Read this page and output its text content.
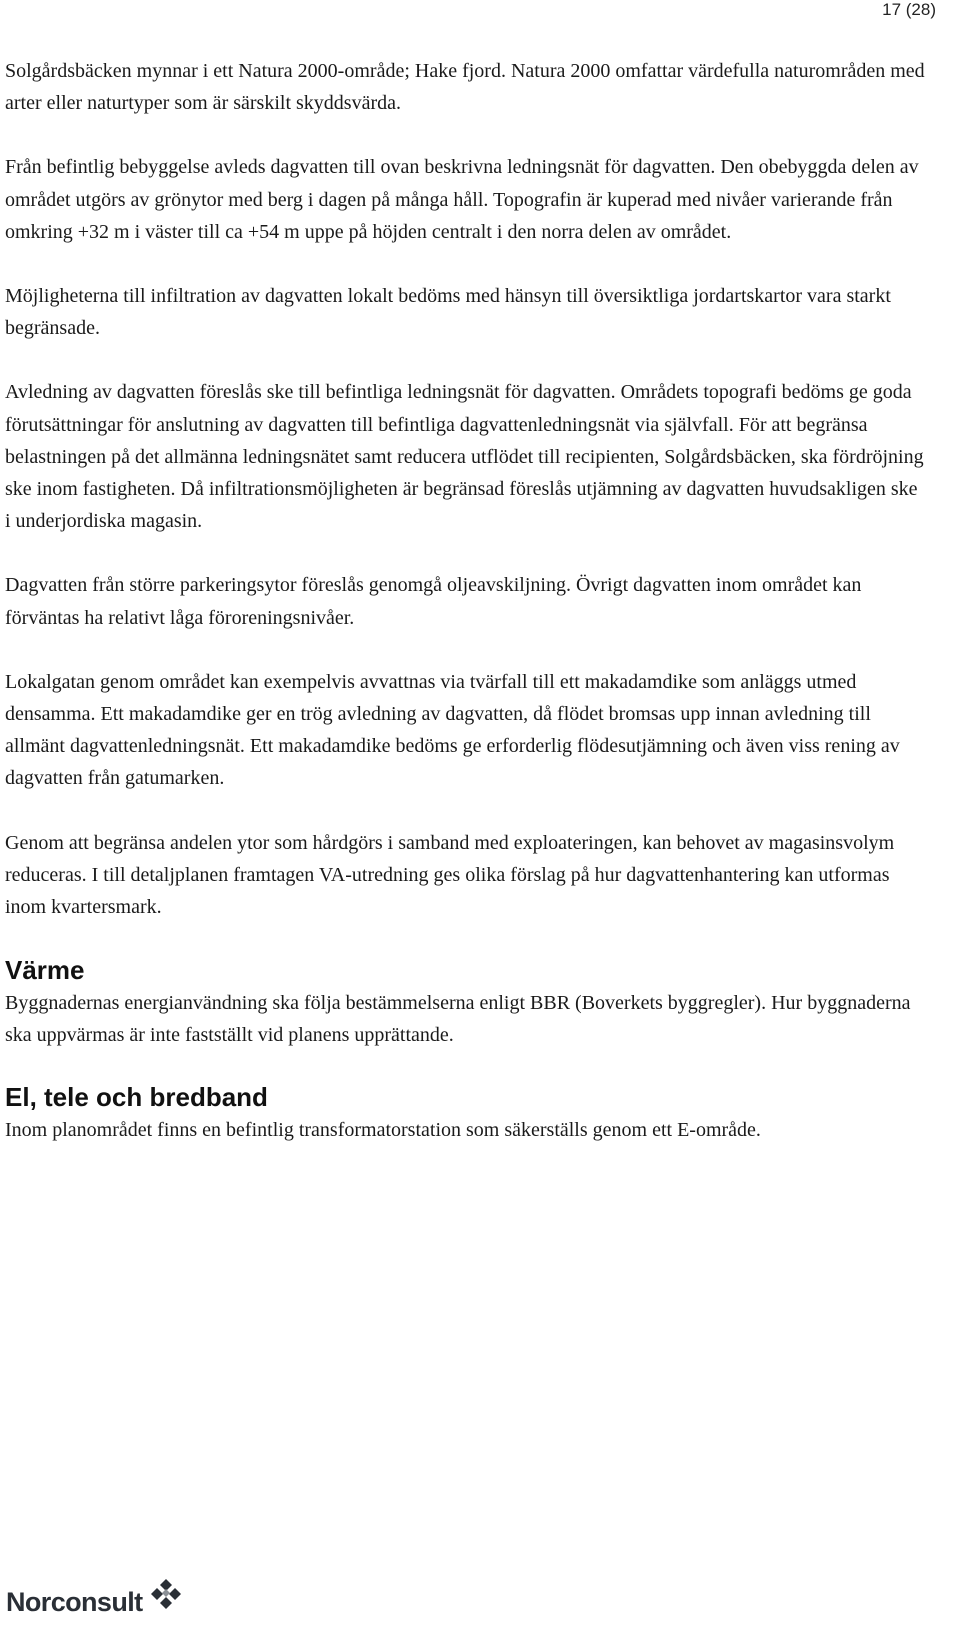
17 (28)

Solgårdsbäcken mynnar i ett Natura 2000-område; Hake fjord. Natura 2000 omfattar värdefulla naturområden med arter eller naturtyper som är särskilt skyddsvärda.

Från befintlig bebyggelse avleds dagvatten till ovan beskrivna ledningsnät för dagvatten. Den obebyggda delen av området utgörs av grönytor med berg i dagen på många håll. Topografin är kuperad med nivåer varierande från omkring +32 m i väster till ca +54 m uppe på höjden centralt i den norra delen av området.

Möjligheterna till infiltration av dagvatten lokalt bedöms med hänsyn till översiktliga jordartskartor vara starkt begränsade.

Avledning av dagvatten föreslås ske till befintliga ledningsnät för dagvatten. Områdets topografi bedöms ge goda förutsättningar för anslutning av dagvatten till befintliga dagvattenledningsnät via självfall. För att begränsa belastningen på det allmänna ledningsnätet samt reducera utflödet till recipienten, Solgårdsbäcken, ska fördröjning ske inom fastigheten. Då infiltrationsmöjligheten är begränsad föreslås utjämning av dagvatten huvudsakligen ske i underjordiska magasin.

Dagvatten från större parkeringsytor föreslås genomgå oljeavskiljning. Övrigt dagvatten inom området kan förväntas ha relativt låga föroreningsnivåer.

Lokalgatan genom området kan exempelvis avvattnas via tvärfall till ett makadamdike som anläggs utmed densamma. Ett makadamdike ger en trög avledning av dagvatten, då flödet bromsas upp innan avledning till allmänt dagvattenledningsnät. Ett makadamdike bedöms ge erforderlig flödesutjämning och även viss rening av dagvatten från gatumarken.

Genom att begränsa andelen ytor som hårdgörs i samband med exploateringen, kan behovet av magasinsvolym reduceras. I till detaljplanen framtagen VA-utredning ges olika förslag på hur dagvattenhantering kan utformas inom kvartersmark.

Värme

Byggnadernas energianvändning ska följa bestämmelserna enligt BBR (Boverkets byggregler). Hur byggnaderna ska uppvärmas är inte fastställt vid planens upprättande.

El, tele och bredband

Inom planområdet finns en befintlig transformatorstation som säkerställs genom ett E-område.

Norconsult
